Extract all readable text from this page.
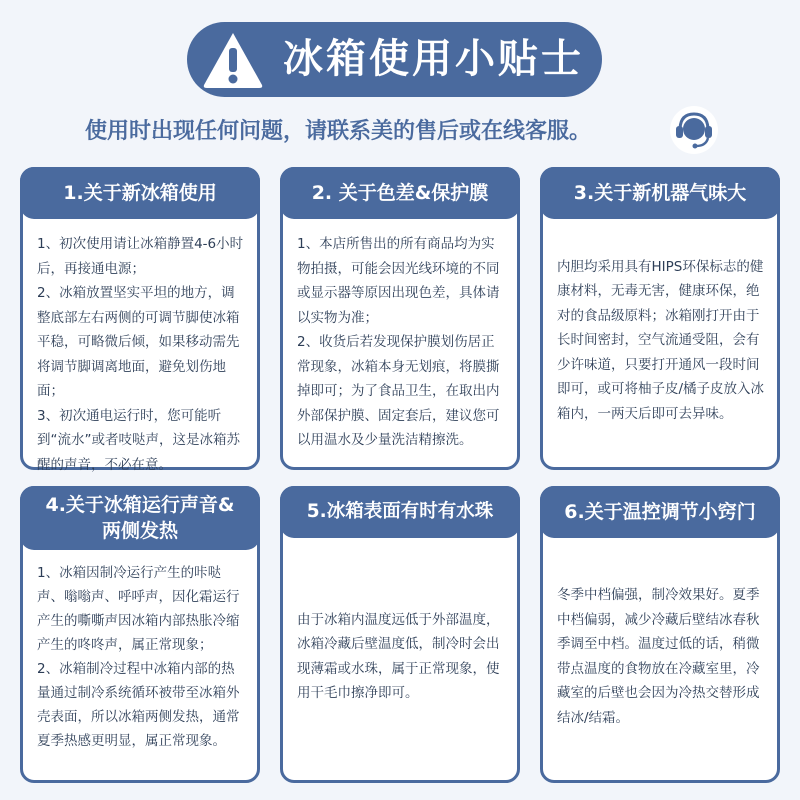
冰箱使用小贴士
使用时出现任何问题，请联系美的售后或在线客服。
1.关于新冰箱使用
1、初次使用请让冰箱静置4-6小时后，再接通电源；
2、冰箱放置坚实平坦的地方，调整底部左右两侧的可调节脚使冰箱平稳，可略微后倾，如果移动需先将调节脚调离地面，避免划伤地面；
3、初次通电运行时，您可能听到“流水”或者吱哒声，这是冰箱苏醒的声音，不必在意。
2. 关于色差&保护膜
1、本店所售出的所有商品均为实物拍摄，可能会因光线环境的不同或显示器等原因出现色差，具体请以实物为准；
2、收货后若发现保护膜划伤居正常现象，冰箱本身无划痕，将膜撕掉即可；为了食品卫生，在取出内外部保护膜、固定套后，建议您可以用温水及少量洗洁精擦洗。
3.关于新机器气味大
内胆均采用具有HIPS环保标志的健康材料，无毒无害，健康环保，绝对的食品级原料；冰箱刚打开由于长时间密封，空气流通受阻，会有少许味道，只要打开通风一段时间即可，或可将柚子皮/橘子皮放入冰箱内，一两天后即可去异味。
4.关于冰箱运行声音&两侧发热
1、冰箱因制冷运行产生的咔哒声、嗡嗡声、呼呼声，因化霜运行产生的嘶嘶声因冰箱内部热胀冷缩产生的咚咚声，属正常现象；
2、冰箱制冷过程中冰箱内部的热量通过制冷系统循环被带至冰箱外壳表面，所以冰箱两侧发热，通常夏季热感更明显，属正常现象。
5.冰箱表面有时有水珠
由于冰箱内温度远低于外部温度，冰箱冷藏后壁温度低，制冷时会出现薄霜或水珠，属于正常现象，使用干毛巾擦净即可。
6.关于温控调节小窍门
冬季中档偏强，制冷效果好。夏季中档偏弱，减少冷藏后壁结冰春秋季调至中档。温度过低的话，稍微带点温度的食物放在冷藏室里，冷藏室的后壁也会因为冷热交替形成结冰/结霜。
